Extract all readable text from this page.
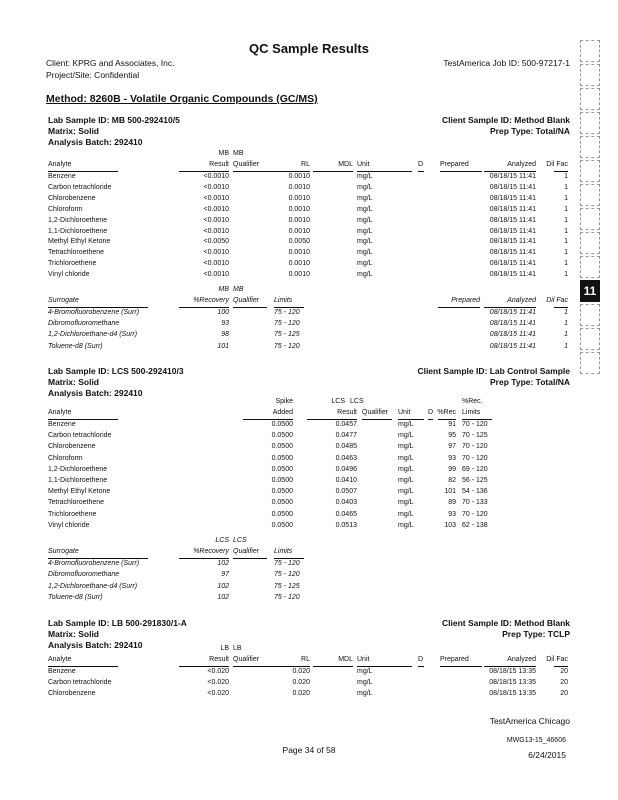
QC Sample Results
Client: KPRG and Associates, Inc.
Project/Site: Confidential
TestAmerica Job ID: 500-97217-1
Method: 8260B - Volatile Organic Compounds (GC/MS)
11
Lab Sample ID: MB 500-292410/5
Matrix: Solid
Analysis Batch: 292410
Client Sample ID: Method Blank
Prep Type: Total/NA
MB MB
Analyte	Result Qualifier	RL	MDL Unit	D Prepared	Analyzed Dil Fac
Benzene	<0.0010	0.0010	mg/L	08/18/15 11:41	1
Carbon tetrachloride	<0.0010	0.0010	mg/L	08/18/15 11:41	1
Chlorobenzene	<0.0010	0.0010	mg/L	08/18/15 11:41	1
Chloroform	<0.0010	0.0010	mg/L	08/18/15 11:41	1
1,2-Dichloroethene	<0.0010	0.0010	mg/L	08/18/15 11:41	1
1,1-Dichloroethene	<0.0010	0.0010	mg/L	08/18/15 11:41	1
Methyl Ethyl Ketone	<0.0050	0.0050	mg/L	08/18/15 11:41	1
Tetrachloroethene	<0.0010	0.0010	mg/L	08/18/15 11:41	1
Trichloroethene	<0.0010	0.0010	mg/L	08/18/15 11:41	1
Vinyl chloride	<0.0010	0.0010	mg/L	08/18/15 11:41	1
MB MB
Surrogate	%Recovery Qualifier Limits	Prepared	Analyzed Dil Fac
4-Bromofluorobenzene (Surr)	100	75 - 120	08/18/15 11:41	1
Dibromofluoromethane	93	75 - 120	08/18/15 11:41	1
1,2-Dichloroethane-d4 (Surr)	98	75 - 125	08/18/15 11:41	1
Toluene-d8 (Surr)	101	75 - 120	08/18/15 11:41	1
Lab Sample ID: LCS 500-292410/3
Matrix: Solid
Analysis Batch: 292410
Client Sample ID: Lab Control Sample
Prep Type: Total/NA
Spike	LCS LCS	%Rec.
Analyte	Added	Result Qualifier Unit	D %Rec Limits
Benzene	0.0500	0.0457	mg/L	91 70 - 120
Carbon tetrachloride	0.0500	0.0477	mg/L	95 70 - 125
Chlorobenzene	0.0500	0.0485	mg/L	97 70 - 120
Chloroform	0.0500	0.0463	mg/L	93 70 - 120
1,2-Dichloroethene	0.0500	0.0496	mg/L	99 69 - 120
1,1-Dichloroethene	0.0500	0.0410	mg/L	82 56 - 125
Methyl Ethyl Ketone	0.0500	0.0507	mg/L	101 54 - 136
Tetrachloroethene	0.0500	0.0403	mg/L	89 70 - 133
Trichloroethene	0.0500	0.0465	mg/L	93 70 - 120
Vinyl chloride	0.0500	0.0513	mg/L	103 62 - 138
LCS LCS
Surrogate	%Recovery Qualifier Limits
4-Bromofluorobenzene (Surr)	102	75 - 120
Dibromofluoromethane	97	75 - 120
1,2-Dichloroethane-d4 (Surr)	102	75 - 125
Toluene-d8 (Surr)	102	75 - 120
Lab Sample ID: LB 500-291830/1-A
Matrix: Solid
Analysis Batch: 292410
Client Sample ID: Method Blank
Prep Type: TCLP
LB LB
Analyte	Result Qualifier	RL	MDL Unit	D Prepared	Analyzed Dil Fac
Benzene	<0.020	0.020	mg/L	08/18/15 13:35	20
Carbon tetrachloride	<0.020	0.020	mg/L	08/18/15 13:35	20
Chlorobenzene	<0.020	0.020	mg/L	08/18/15 13:35	20
TestAmerica Chicago
MWG13-15_46606
Page 34 of 58	6/24/2015
